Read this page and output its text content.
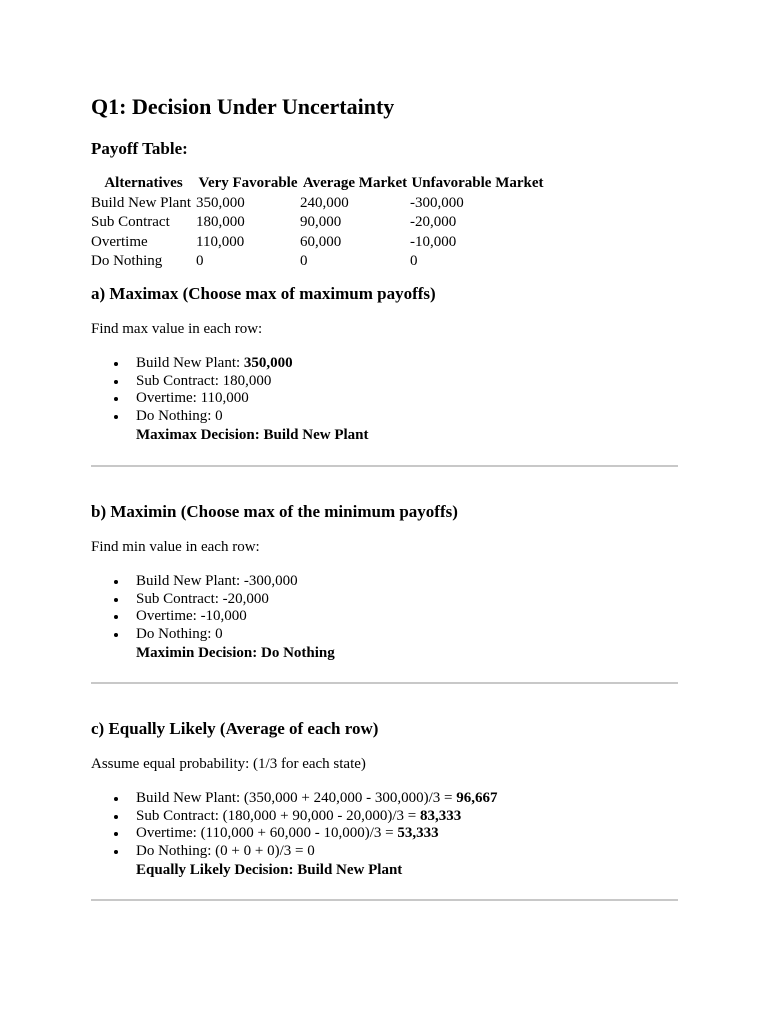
Q1: Decision Under Uncertainty
Payoff Table:
Alternatives	Very Favorable	Average Market	Unfavorable Market
Build New Plant	350,000	240,000	-300,000
Sub Contract	180,000	90,000	-20,000
Overtime	110,000	60,000	-10,000
Do Nothing	0	0	0
a) Maximax (Choose max of maximum payoffs)

Find max value in each row:

Build New Plant: 350,000
Sub Contract: 180,000
Overtime: 110,000
Do Nothing: 0
Maximax Decision: Build New Plant
b) Maximin (Choose max of the minimum payoffs)

Find min value in each row:

Build New Plant: -300,000
Sub Contract: -20,000
Overtime: -10,000
Do Nothing: 0
Maximin Decision: Do Nothing
c) Equally Likely (Average of each row)

Assume equal probability: (1/3 for each state)

Build New Plant: (350,000 + 240,000 - 300,000)/3 = 96,667
Sub Contract: (180,000 + 90,000 - 20,000)/3 = 83,333
Overtime: (110,000 + 60,000 - 10,000)/3 = 53,333
Do Nothing: (0 + 0 + 0)/3 = 0
Equally Likely Decision: Build New Plant
